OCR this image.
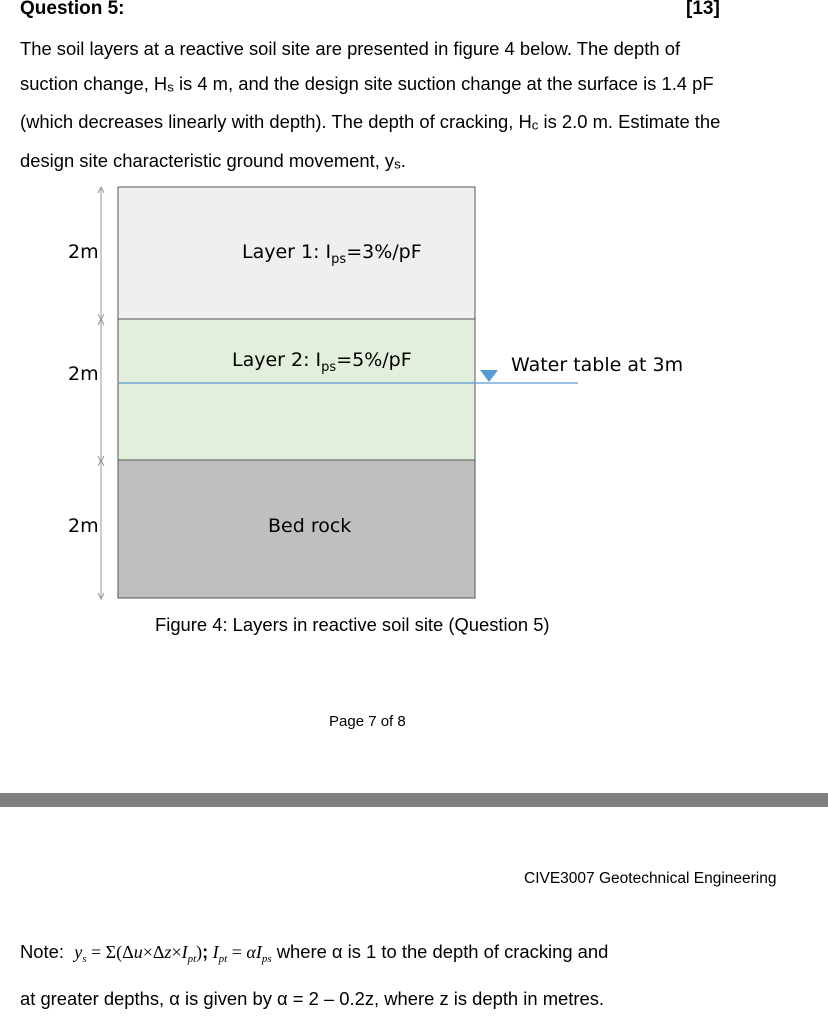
Question 5:	[13]
The soil layers at a reactive soil site are presented in figure 4 below. The depth of suction change, Hs is 4 m, and the design site suction change at the surface is 1.4 pF (which decreases linearly with depth). The depth of cracking, Hc is 2.0 m. Estimate the design site characteristic ground movement, ys.
2m
2m
2m
Layer 1: $I_{ps}=3\%/pF$
Layer 2: $I_{ps}=5\%/pF$
Bed rock
Water table at 3m
Figure 4: Layers in reactive soil site (Question 5)
Page 7 of 8
CIVE3007 Geotechnical Engineering
Note: $y_s = \Sigma(\Delta u\times\Delta z\times I_{pt})$; $I_{pt} = \alpha I_{ps}$ where α is 1 to the depth of cracking and
at greater depths, α is given by α = 2 – 0.2z, where z is depth in metres.
